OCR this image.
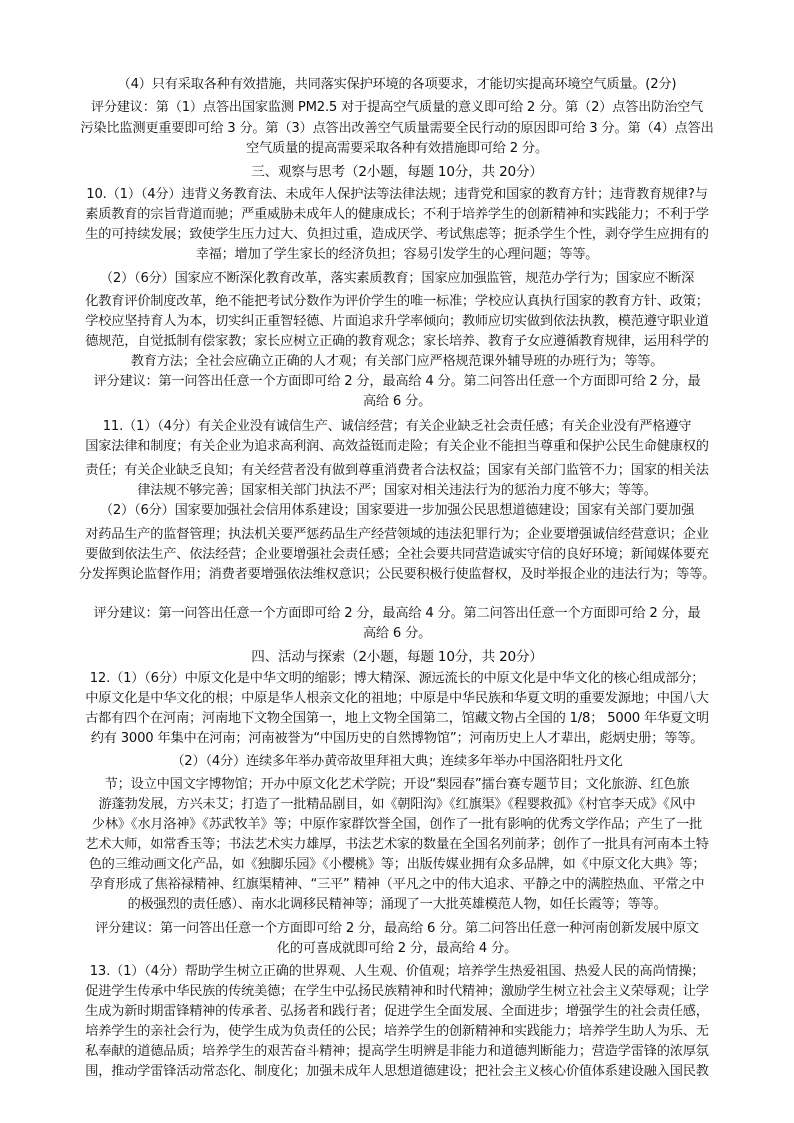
（4）只有采取各种有效措施，共同落实保护环境的各项要求，才能切实提高环境空气质量。(2分)
评分建议：第（1）点答出国家监测 PM2.5 对于提高空气质量的意义即可给 2 分。第（2）点答出防治空气
污染比监测更重要即可给 3 分。第（3）点答出改善空气质量需要全民行动的原因即可给 3 分。第（4）点答出
空气质量的提高需要采取各种有效措施即可给 2 分。
三、观察与思考（2小题，每题 10分，共 20分）
10.（1）（4分）违背义务教育法、未成年人保护法等法律法规；违背党和国家的教育方针；违背教育规律?与
素质教育的宗旨背道而驰；严重威胁未成年人的健康成长；不利于培养学生的创新精神和实践能力；不利于学
生的可持续发展；致使学生压力过大、负担过重，造成厌学、考试焦虑等；扼杀学生个性，剥夺学生应拥有的
幸福；增加了学生家长的经济负担；容易引发学生的心理问题；等等。
（2）（6分）国家应不断深化教育改革，落实素质教育；国家应加强监管，规范办学行为；国家应不断深
化教育评价制度改革，绝不能把考试分数作为评价学生的唯一标准；学校应认真执行国家的教育方针、政策；
学校应坚持育人为本，切实纠正重智轻德、片面追求升学率倾向；教师应切实做到依法执教，模范遵守职业道
德规范，自觉抵制有偿家教；家长应树立正确的教育观念；家长培养、教育子女应遵循教育规律，运用科学的
教育方法；全社会应确立正确的人才观；有关部门应严格规范课外辅导班的办班行为；等等。
评分建议：第一问答出任意一个方面即可给 2 分，最高给 4 分。第二问答出任意一个方面即可给 2 分，最
高给 6 分。
11.（1）（4分）有关企业没有诚信生产、诚信经营；有关企业缺乏社会责任感；有关企业没有严格遵守
国家法律和制度；有关企业为追求高利润、高效益铤而走险；有关企业不能担当尊重和保护公民生命健康权的
责任；有关企业缺乏良知；有关经营者没有做到尊重消费者合法权益；国家有关部门监管不力；国家的相关法
律法规不够完善；国家相关部门执法不严；国家对相关违法行为的惩治力度不够大；等等。
（2）（6分）国家要加强社会信用体系建设；国家要进一步加强公民思想道德建设；国家有关部门要加强
对药品生产的监督管理；执法机关要严惩药品生产经营领域的违法犯罪行为；企业要增强诚信经营意识；企业
要做到依法生产、依法经营；企业要增强社会责任感；全社会要共同营造诚实守信的良好环境；新闻媒体要充
分发挥舆论监督作用；消费者要增强依法维权意识；公民要积极行使监督权，及时举报企业的违法行为；等等。
评分建议：第一问答出任意一个方面即可给 2 分，最高给 4 分。第二问答出任意一个方面即可给 2 分，最
高给 6 分。
四、活动与探索（2小题，每题 10分，共 20分）
12.（1）（6分）中原文化是中华文明的缩影；博大精深、源远流长的中原文化是中华文化的核心组成部分；
中原文化是中华文化的根；中原是华人根亲文化的祖地；中原是中华民族和华夏文明的重要发源地；中国八大
古都有四个在河南；河南地下文物全国第一，地上文物全国第二，馆藏文物占全国的 1/8； 5000 年华夏文明
约有 3000 年集中在河南；河南被誉为“中国历史的自然博物馆”；河南历史上人才辈出，彪炳史册；等等。
（2）（4分）连续多年举办黄帝故里拜祖大典；连续多年举办中国洛阳牡丹文化
节；设立中国文字博物馆；开办中原文化艺术学院；开设“梨园春”擂台赛专题节目；文化旅游、红色旅
游蓬勃发展，方兴未艾；打造了一批精品剧目，如《朝阳沟》《红旗渠》《程婴救孤》《村官李天成》《风中
少林》《水月洛神》《苏武牧羊》等；中原作家群饮誉全国，创作了一批有影响的优秀文学作品；产生了一批
艺术大师，如常香玉等；书法艺术实力雄厚，书法艺术家的数量在全国名列前茅；创作了一批具有河南本土特
色的三维动画文化产品，如《独脚乐园》《小樱桃》等；出版传媒业拥有众多品牌，如《中原文化大典》等；
孕育形成了焦裕禄精神、红旗渠精神、“三平” 精神（平凡之中的伟大追求、平静之中的满腔热血、平常之中
的极强烈的责任感）、南水北调移民精神等；涌现了一大批英雄模范人物，如任长霞等；等等。
评分建议：第一问答出任意一个方面即可给 2 分，最高给 6 分。第二问答出任意一种河南创新发展中原文
化的可喜成就即可给 2 分，最高给 4 分。
13.（1）（4分）帮助学生树立正确的世界观、人生观、价值观；培养学生热爱祖国、热爱人民的高尚情操；
促进学生传承中华民族的传统美德；在学生中弘扬民族精神和时代精神；激励学生树立社会主义荣辱观；让学
生成为新时期雷锋精神的传承者、弘扬者和践行者；促进学生全面发展、全面进步；增强学生的社会责任感，
培养学生的亲社会行为，使学生成为负责任的公民；培养学生的创新精神和实践能力；培养学生助人为乐、无
私奉献的道德品质；培养学生的艰苦奋斗精神；提高学生明辨是非能力和道德判断能力；营造学雷锋的浓厚氛
围，推动学雷锋活动常态化、制度化；加强未成年人思想道德建设；把社会主义核心价值体系建设融入国民教
